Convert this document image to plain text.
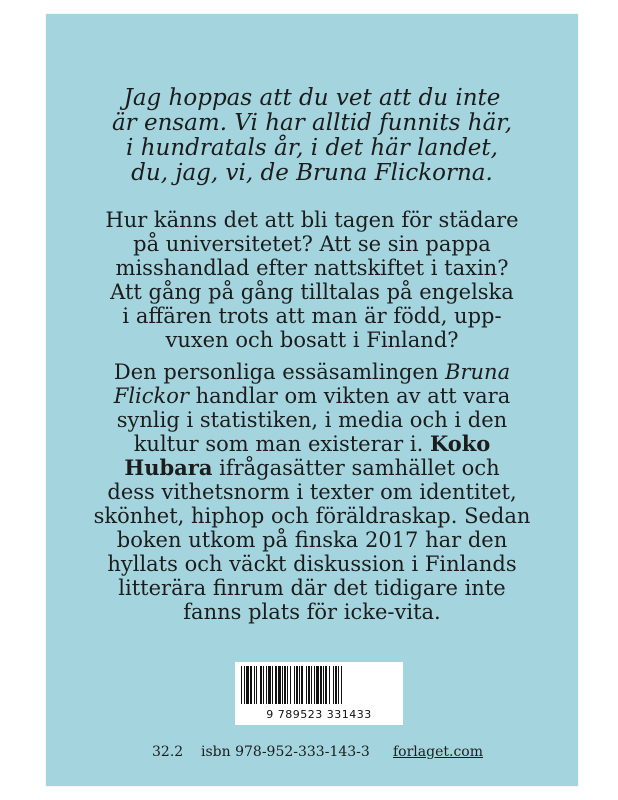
Jag hoppas att du vet att du inte
är ensam. Vi har alltid funnits här,
i hundratals år, i det här landet,
du, jag, vi, de Bruna Flickorna.
Hur känns det att bli tagen för städare
på universitetet? Att se sin pappa
misshandlad efter nattskiftet i taxin?
Att gång på gång tilltalas på engelska
i affären trots att man är född, upp-
vuxen och bosatt i Finland?
Den personliga essäsamlingen Bruna
Flickor handlar om vikten av att vara
synlig i statistiken, i media och i den
kultur som man existerar i. Koko
Hubara ifrågasätter samhället och
dess vithetsnorm i texter om identitet,
skönhet, hiphop och föräldraskap. Sedan
boken utkom på finska 2017 har den
hyllats och väckt diskussion i Finlands
litterära finrum där det tidigare inte
fanns plats för icke-vita.
9 789523 331433
32.2 isbn 978-952-333-143-3 forlaget.com
